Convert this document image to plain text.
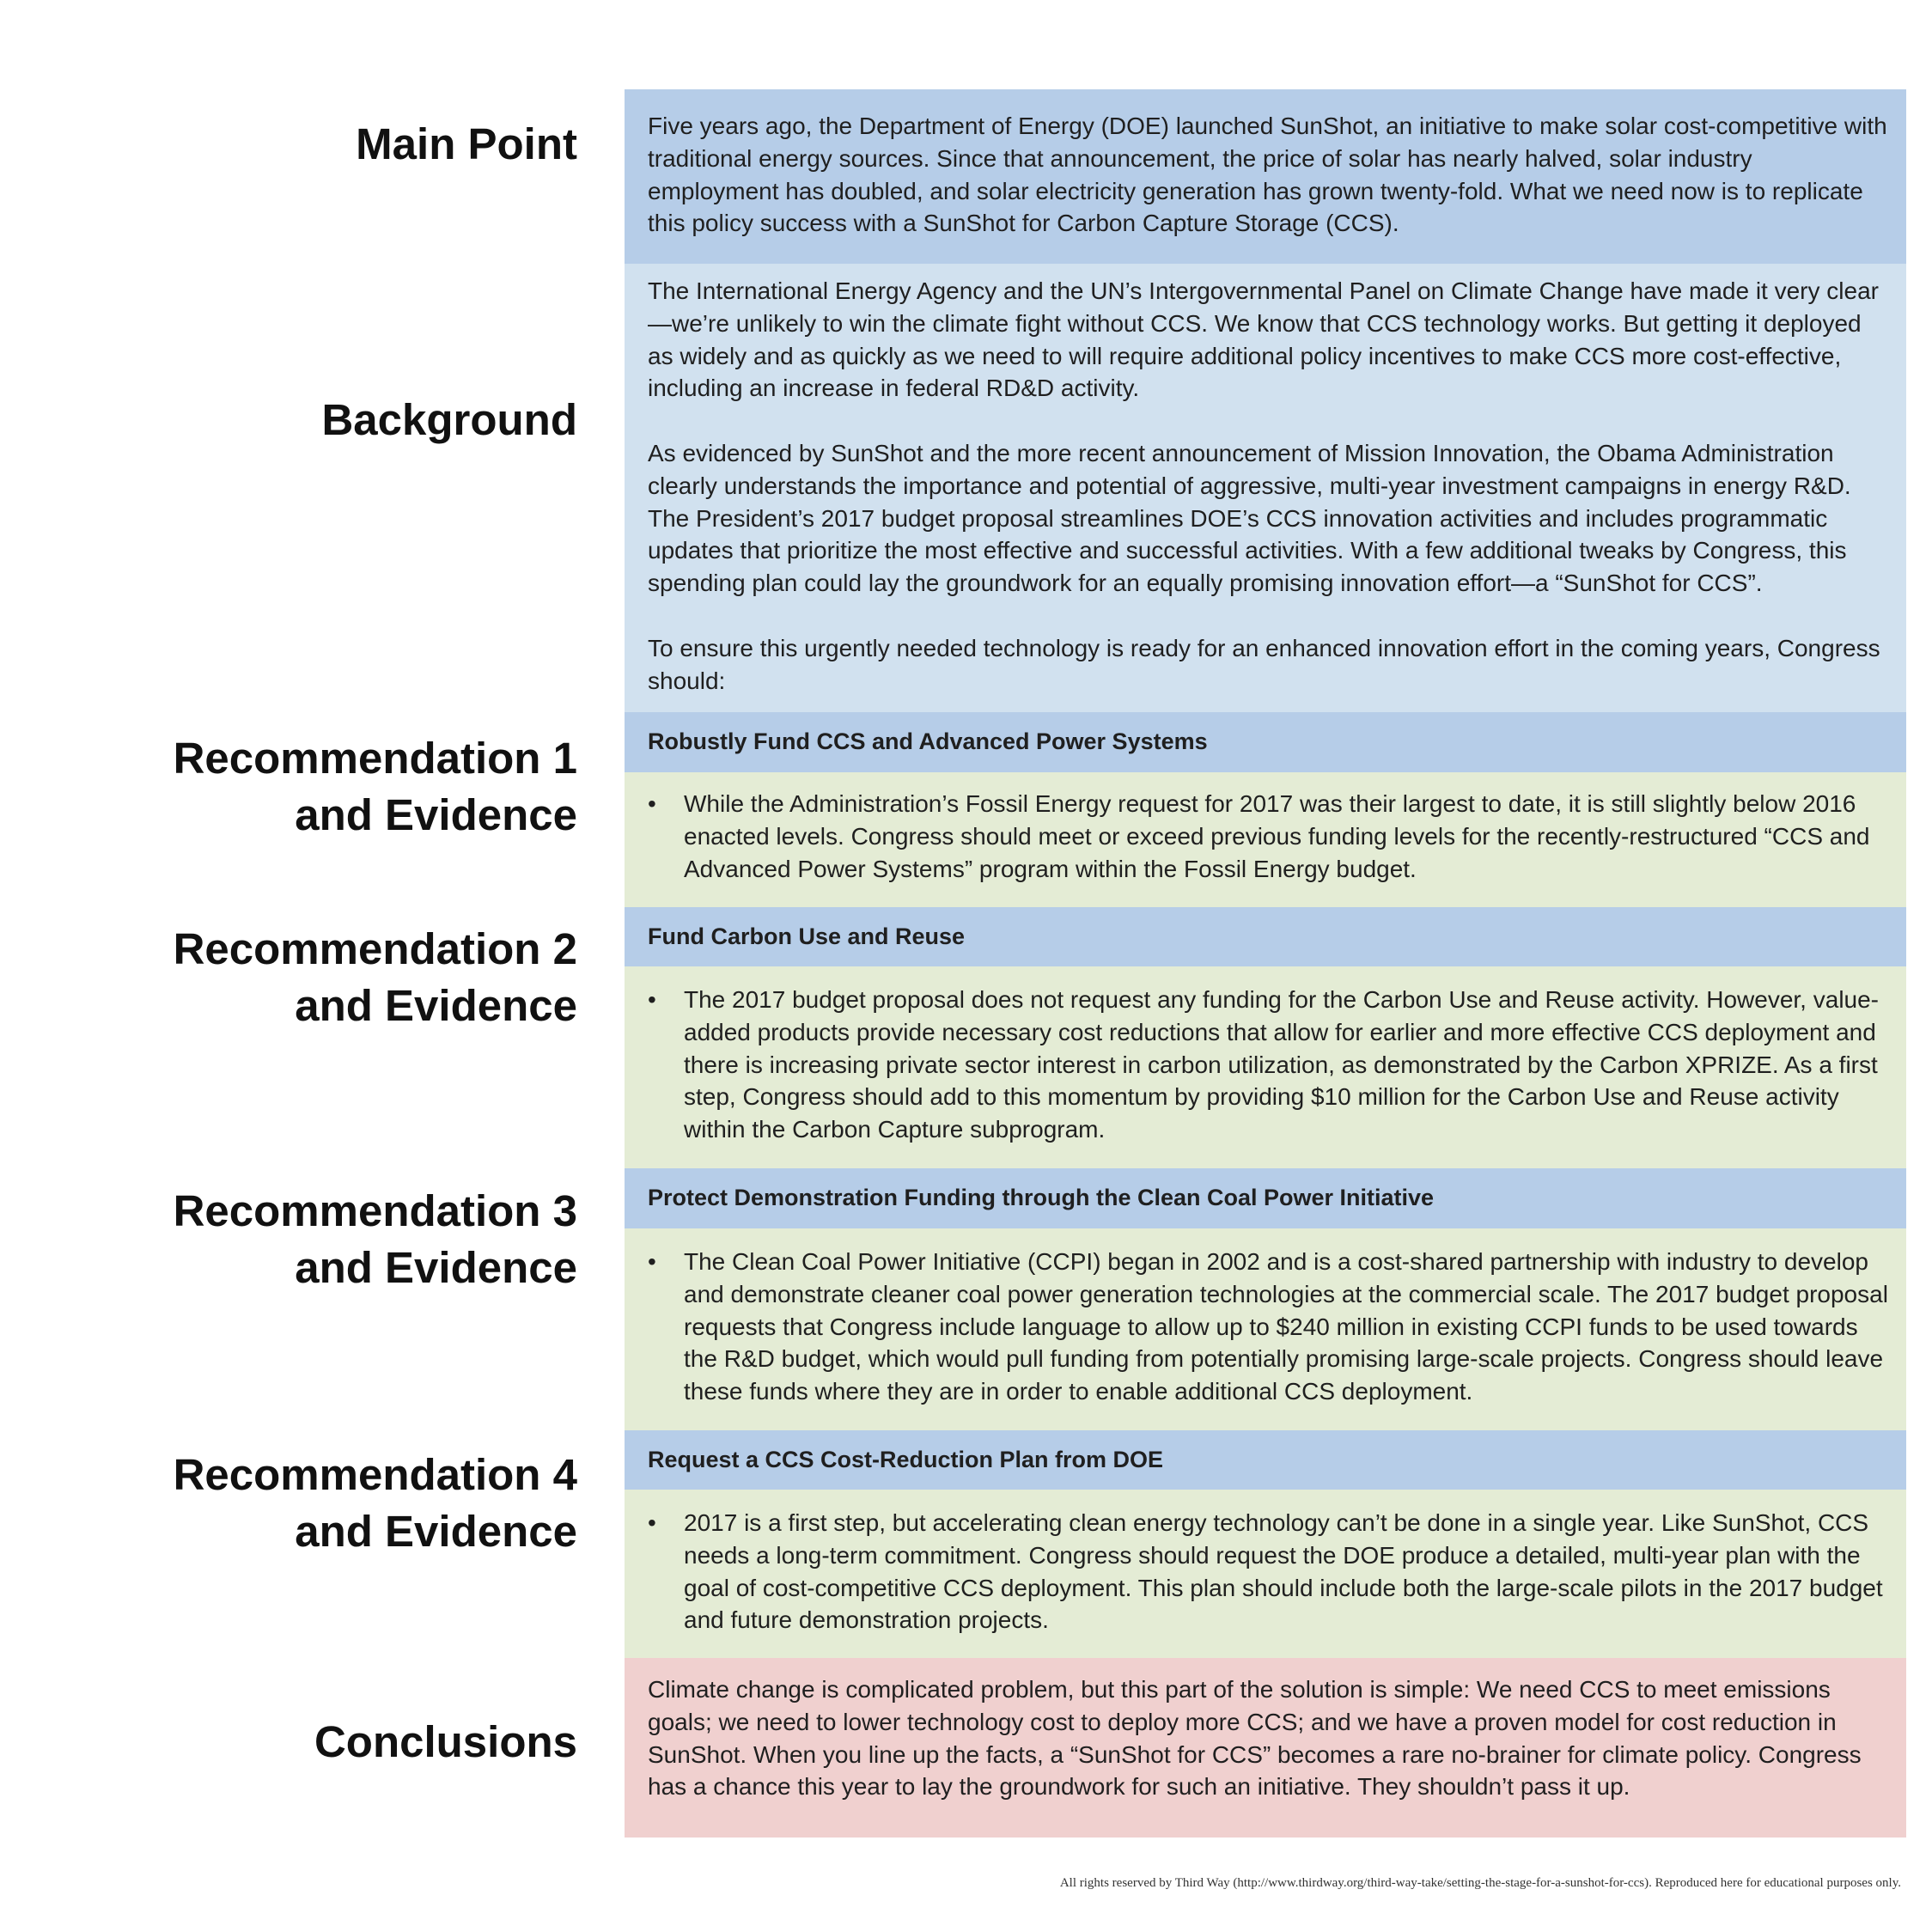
Main Point	Five years ago, the Department of Energy (DOE) launched SunShot, an initiative to make solar cost-competitive with traditional energy sources. Since that announcement, the price of solar has nearly halved, solar industry employment has doubled, and solar electricity generation has grown twenty-fold. What we need now is to replicate this policy success with a SunShot for Carbon Capture Storage (CCS).

Background

The International Energy Agency and the UN’s Intergovernmental Panel on Climate Change have made it very clear—we’re unlikely to win the climate fight without CCS. We know that CCS technology works. But getting it deployed as widely and as quickly as we need to will require additional policy incentives to make CCS more cost-effective, including an increase in federal RD&D activity.

As evidenced by SunShot and the more recent announcement of Mission Innovation, the Obama Administration clearly understands the importance and potential of aggressive, multi-year investment campaigns in energy R&D. The President’s 2017 budget proposal streamlines DOE’s CCS innovation activities and includes programmatic updates that prioritize the most effective and successful activities. With a few additional tweaks by Congress, this spending plan could lay the groundwork for an equally promising innovation effort—a “SunShot for CCS”.

To ensure this urgently needed technology is ready for an enhanced innovation effort in the coming years, Congress should:

Recommendation 1
and Evidence
Robustly Fund CCS and Advanced Power Systems
• While the Administration’s Fossil Energy request for 2017 was their largest to date, it is still slightly below 2016 enacted levels. Congress should meet or exceed previous funding levels for the recently-restructured “CCS and Advanced Power Systems” program within the Fossil Energy budget.
Recommendation 2
and Evidence
Fund Carbon Use and Reuse
• The 2017 budget proposal does not request any funding for the Carbon Use and Reuse activity. However, value-added products provide necessary cost reductions that allow for earlier and more effective CCS deployment and there is increasing private sector interest in carbon utilization, as demonstrated by the Carbon XPRIZE. As a first step, Congress should add to this momentum by providing $10 million for the Carbon Use and Reuse activity within the Carbon Capture subprogram.
Recommendation 3
and Evidence
Protect Demonstration Funding through the Clean Coal Power Initiative
• The Clean Coal Power Initiative (CCPI) began in 2002 and is a cost-shared partnership with industry to develop and demonstrate cleaner coal power generation technologies at the commercial scale. The 2017 budget proposal requests that Congress include language to allow up to $240 million in existing CCPI funds to be used towards the R&D budget, which would pull funding from potentially promising large-scale projects. Congress should leave these funds where they are in order to enable additional CCS deployment.
Recommendation 4
and Evidence
Request a CCS Cost-Reduction Plan from DOE
• 2017 is a first step, but accelerating clean energy technology can’t be done in a single year. Like SunShot, CCS needs a long-term commitment. Congress should request the DOE produce a detailed, multi-year plan with the goal of cost-competitive CCS deployment. This plan should include both the large-scale pilots in the 2017 budget and future demonstration projects.
Conclusions

Climate change is complicated problem, but this part of the solution is simple: We need CCS to meet emissions goals; we need to lower technology cost to deploy more CCS; and we have a proven model for cost reduction in SunShot. When you line up the facts, a “SunShot for CCS” becomes a rare no-brainer for climate policy. Congress has a chance this year to lay the groundwork for such an initiative. They shouldn’t pass it up.

All rights reserved by Third Way (http://www.thirdway.org/third-way-take/setting-the-stage-for-a-sunshot-for-ccs). Reproduced here for educational purposes only.
